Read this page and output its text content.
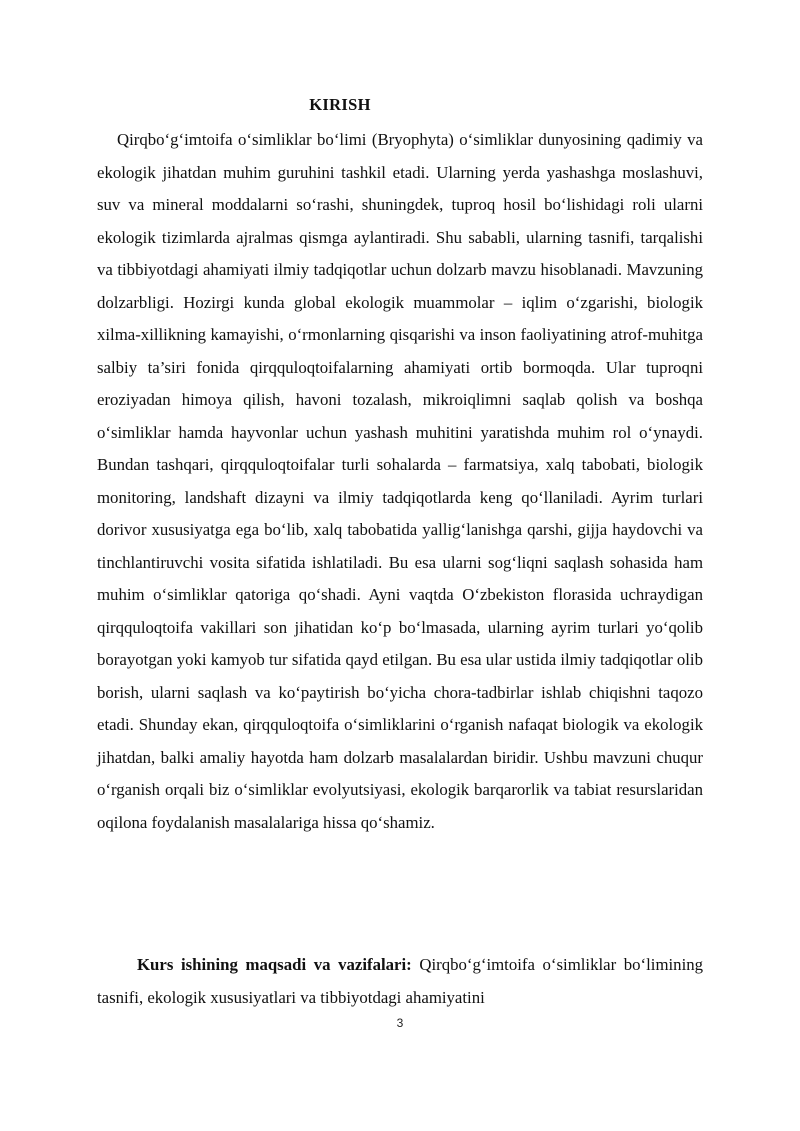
KIRISH
Qirqbo‘g‘imtoifa o‘simliklar bo‘limi (Bryophyta) o‘simliklar dunyosining qadimiy va ekologik jihatdan muhim guruhini tashkil etadi. Ularning yerda yashashga moslashuvi, suv va mineral moddalarni so‘rashi, shuningdek, tuproq hosil bo‘lishidagi roli ularni ekologik tizimlarda ajralmas qismga aylantiradi. Shu sababli, ularning tasnifi, tarqalishi va tibbiyotdagi ahamiyati ilmiy tadqiqotlar uchun dolzarb mavzu hisoblanadi. Mavzuning dolzarbligi. Hozirgi kunda global ekologik muammolar – iqlim o‘zgarishi, biologik xilma-xillikning kamayishi, o‘rmonlarning qisqarishi va inson faoliyatining atrof-muhitga salbiy ta’siri fonida qirqquloqtoifalarning ahamiyati ortib bormoqda. Ular tuproqni eroziyadan himoya qilish, havoni tozalash, mikroiqlimni saqlab qolish va boshqa o‘simliklar hamda hayvonlar uchun yashash muhitini yaratishda muhim rol o‘ynaydi. Bundan tashqari, qirqquloqtoifalar turli sohalarda – farmatsiya, xalq tabobati, biologik monitoring, landshaft dizayni va ilmiy tadqiqotlarda keng qo‘llaniladi. Ayrim turlari dorivor xususiyatga ega bo‘lib, xalq tabobatida yallig‘lanishga qarshi, gijja haydovchi va tinchlantiruvchi vosita sifatida ishlatiladi. Bu esa ularni sog‘liqni saqlash sohasida ham muhim o‘simliklar qatoriga qo‘shadi. Ayni vaqtda O‘zbekiston florasida uchraydigan qirqquloqtoifa vakillari son jihatidan ko‘p bo‘lmasada, ularning ayrim turlari yo‘qolib borayotgan yoki kamyob tur sifatida qayd etilgan. Bu esa ular ustida ilmiy tadqiqotlar olib borish, ularni saqlash va ko‘paytirish bo‘yicha chora-tadbirlar ishlab chiqishni taqozo etadi. Shunday ekan, qirqquloqtoifa o‘simliklarini o‘rganish nafaqat biologik va ekologik jihatdan, balki amaliy hayotda ham dolzarb masalalardan biridir. Ushbu mavzuni chuqur o‘rganish orqali biz o‘simliklar evolyutsiyasi, ekologik barqarorlik va tabiat resurslaridan oqilona foydalanish masalalariga hissa qo‘shamiz.
Kurs ishining maqsadi va vazifalari: Qirqbo‘g‘imtoifa o‘simliklar bo‘limining tasnifi, ekologik xususiyatlari va tibbiyotdagi ahamiyatini
3
